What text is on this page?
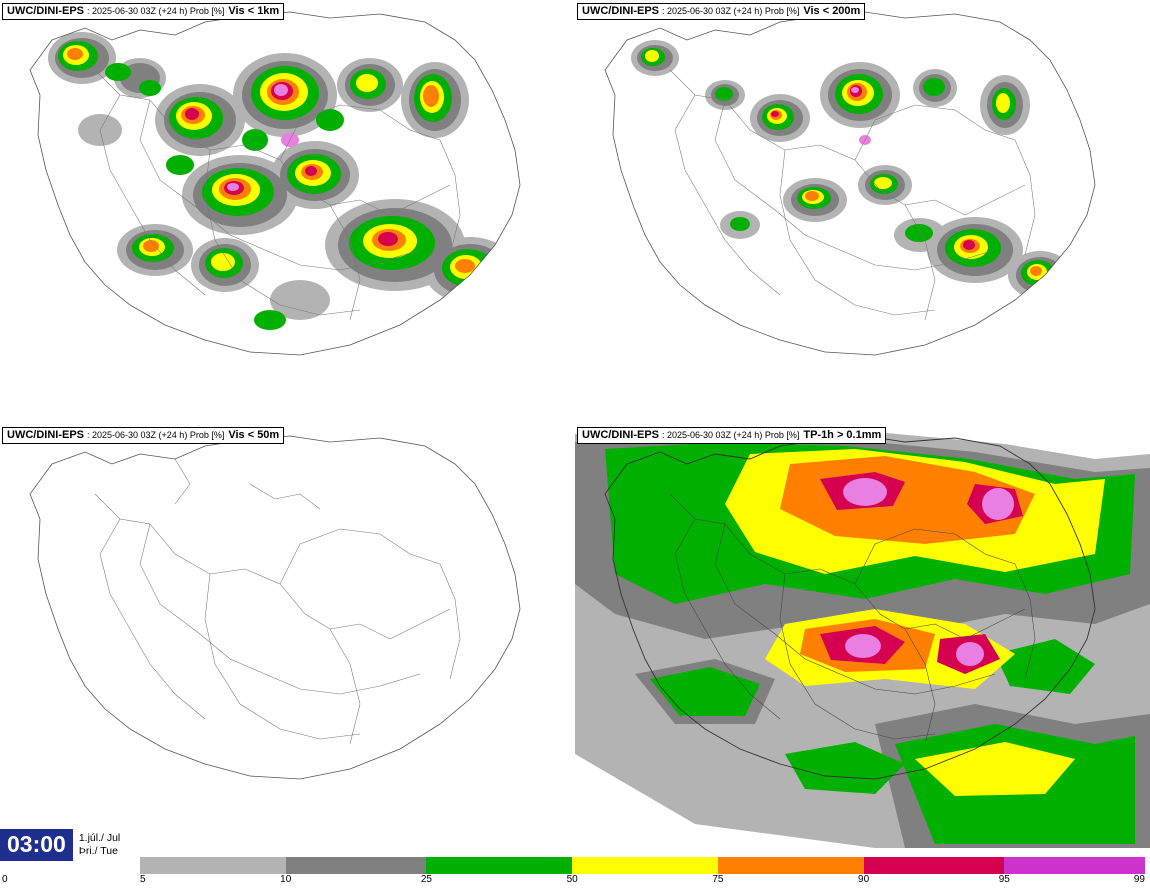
UWC/DINI-EPS : 2025-06-30 03Z (+24 h) Prob [%] Vis < 1km	UWC/DINI-EPS : 2025-06-30 03Z (+24 h) Prob [%] Vis < 200m
UWC/DINI-EPS : 2025-06-30 03Z (+24 h) Prob [%] Vis < 50m	UWC/DINI-EPS : 2025-06-30 03Z (+24 h) Prob [%] TP-1h > 0.1mm
03:00	1.júl./ Jul
Þri./ Tue
0	5	10	25	50	75	90	95	99
